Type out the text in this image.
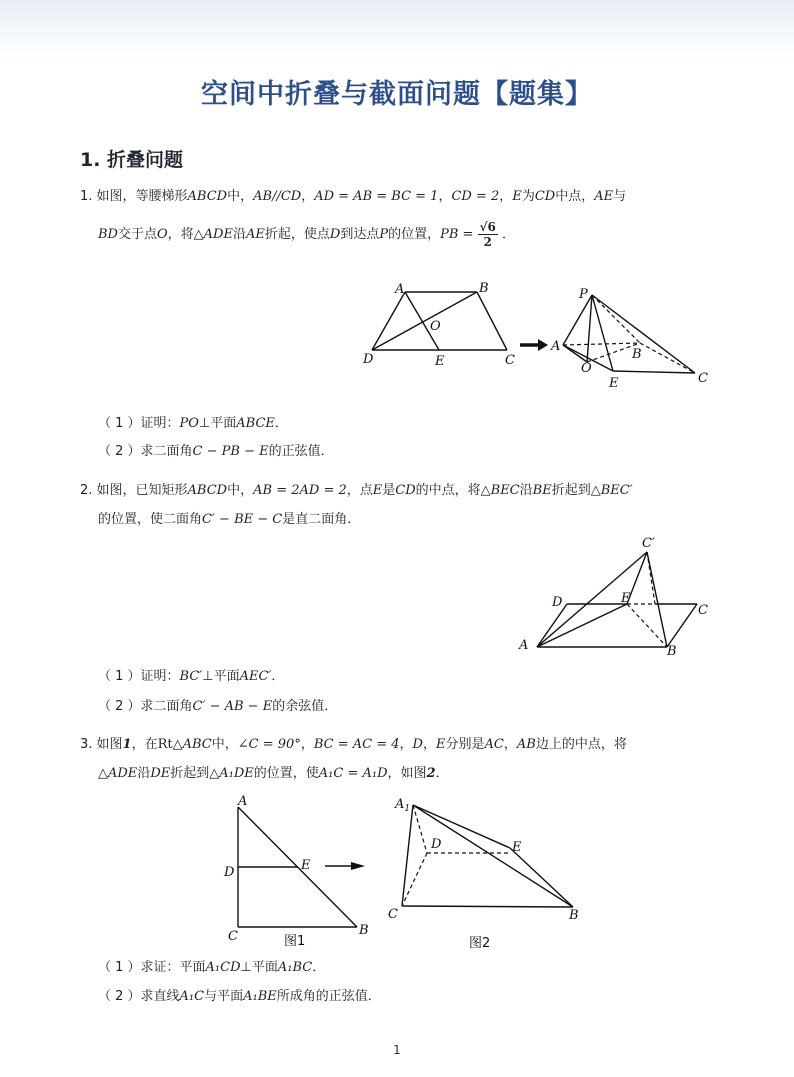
空间中折叠与截面问题【题集】
1. 折叠问题
1. 如图，等腰梯形ABCD中，AB//CD，AD = AB = BC = 1，CD = 2，E为CD中点，AE与
BD交于点O，将△ADE沿AE折起，使点D到达点P的位置，PB = $\frac{√6}{2}$ ．
A	B
O
D	E	C
P
A
B
O
E	C
（ 1 ）证明：PO⊥平面ABCE．
（ 2 ）求二面角C − PB − E的正弦值．
2. 如图，已知矩形ABCD中，AB = 2AD = 2，点E是CD的中点，将△BEC沿BE折起到△BEC′
的位置，使二面角C′ − BE − C是直二面角．
C′
D	E
C
A	B
（ 1 ）证明：BC′⊥平面AEC′．
（ 2 ）求二面角C′ − AB − E的余弦值．
3. 如图1，在Rt△ABC中，∠C = 90°，BC = AC = 4，D，E分别是AC，AB边上的中点，将
△ADE沿DE折起到△A₁DE的位置，使A₁C = A₁D，如图2．
A
D	E
C	B
图1
$A_1$
D	E
C	B
图2
（ 1 ）求证：平面A₁CD⊥平面A₁BC．
（ 2 ）求直线A₁C与平面A₁BE所成角的正弦值．
1
